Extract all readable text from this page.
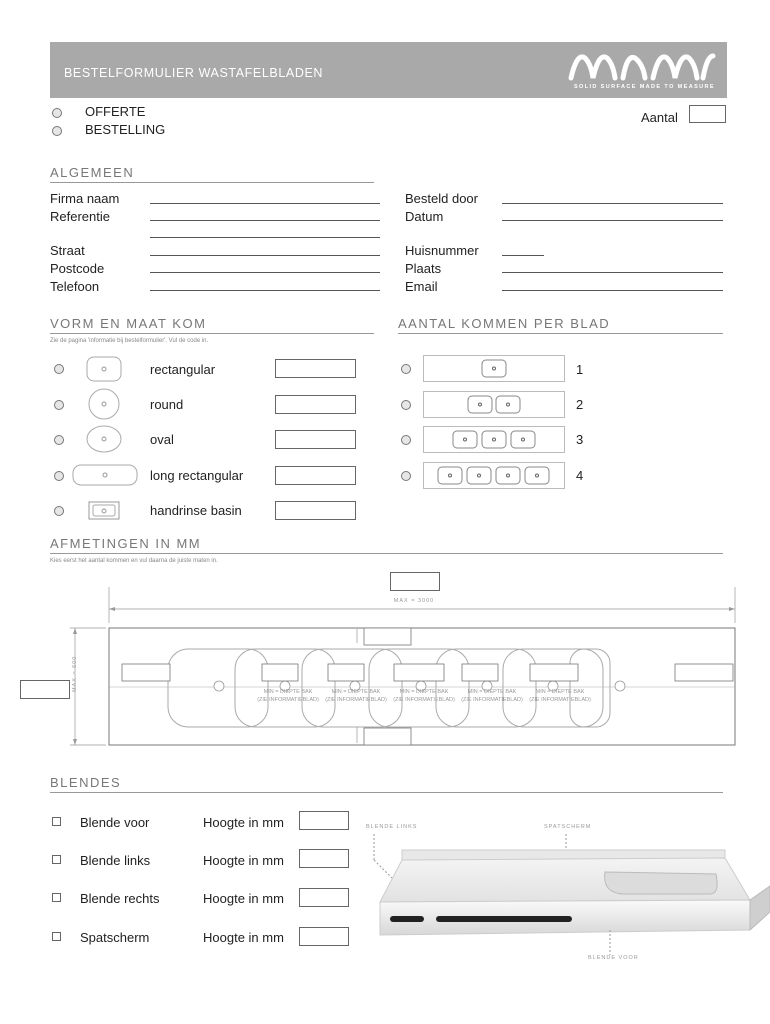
BESTELFORMULIER WASTAFELBLADEN
SOLID SURFACE MADE TO MEASURE
OFFERTE
BESTELLING
Aantal
ALGEMEEN
Firma naam
Referentie
Straat
Postcode
Telefoon
Besteld door
Datum
Huisnummer
Plaats
Email
VORM EN MAAT KOM
Zie de pagina 'informatie bij bestelformulier'. Vul de code in.
rectangular
round
oval
long rectangular
handrinse basin
AANTAL KOMMEN PER BLAD
1
2
3
4
AFMETINGEN IN MM
Kies eerst het aantal kommen en vul daarna de juiste maten in.
MAX = 3000
MAX = 600	MIN = DIEPTE BAK
(ZIE INFORMATIEBLAD)
MIN = DIEPTE BAK
(ZIE INFORMATIEBLAD)
MIN = DIEPTE BAK
(ZIE INFORMATIEBLAD)
MIN = DIEPTE BAK
(ZIE INFORMATIEBLAD)
MIN = DIEPTE BAK
(ZIE INFORMATIEBLAD)
BLENDES
Blende voor	Hoogte in mm
Blende links	Hoogte in mm
Blende rechts	Hoogte in mm
Spatscherm	Hoogte in mm
BLENDE LINKS	SPATSCHERM
BLENDE VOOR
